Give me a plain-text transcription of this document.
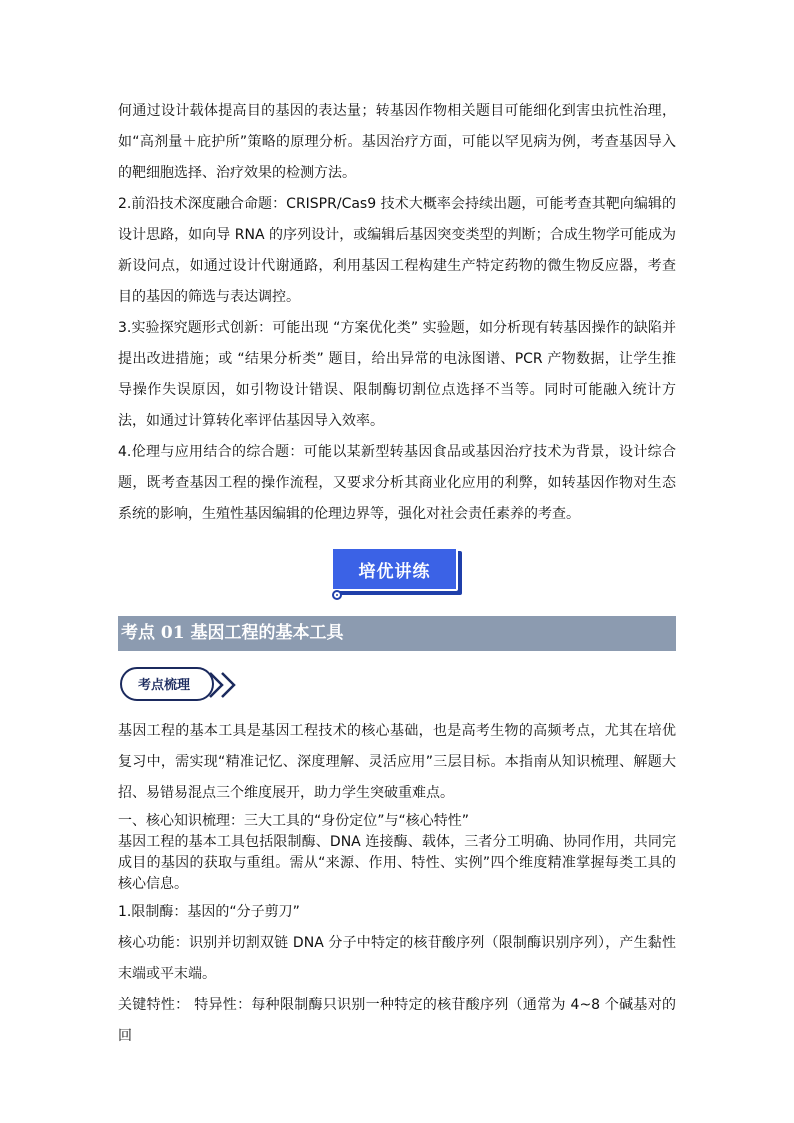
何通过设计载体提高目的基因的表达量；转基因作物相关题目可能细化到害虫抗性治理，如“高剂量＋庇护所”策略的原理分析。基因治疗方面，可能以罕见病为例，考查基因导入的靶细胞选择、治疗效果的检测方法。

2.前沿技术深度融合命题：CRISPR/Cas9 技术大概率会持续出题，可能考查其靶向编辑的设计思路，如向导 RNA 的序列设计，或编辑后基因突变类型的判断；合成生物学可能成为新设问点，如通过设计代谢通路，利用基因工程构建生产特定药物的微生物反应器，考查目的基因的筛选与表达调控。

3.实验探究题形式创新：可能出现 “方案优化类” 实验题，如分析现有转基因操作的缺陷并提出改进措施；或 “结果分析类” 题目，给出异常的电泳图谱、PCR 产物数据，让学生推导操作失误原因，如引物设计错误、限制酶切割位点选择不当等。同时可能融入统计方法，如通过计算转化率评估基因导入效率。

4.伦理与应用结合的综合题：可能以某新型转基因食品或基因治疗技术为背景，设计综合题，既考查基因工程的操作流程，又要求分析其商业化应用的利弊，如转基因作物对生态系统的影响，生殖性基因编辑的伦理边界等，强化对社会责任素养的考查。

基因工程的基本工具是基因工程技术的核心基础，也是高考生物的高频考点，尤其在培优复习中，需实现“精准记忆、深度理解、灵活应用”三层目标。本指南从知识梳理、解题大招、易错易混点三个维度展开，助力学生突破重难点。

一、核心知识梳理：三大工具的“身份定位”与“核心特性”

基因工程的基本工具包括限制酶、DNA 连接酶、载体，三者分工明确、协同作用，共同完成目的基因的获取与重组。需从“来源、作用、特性、实例”四个维度精准掌握每类工具的核心信息。

1.限制酶：基因的“分子剪刀”

核心功能：识别并切割双链 DNA 分子中特定的核苷酸序列（限制酶识别序列），产生黏性末端或平末端。

关键特性： 特异性：每种限制酶只识别一种特定的核苷酸序列（通常为 4~8 个碱基对的回

培优讲练
考点 01 基因工程的基本工具
考点梳理
